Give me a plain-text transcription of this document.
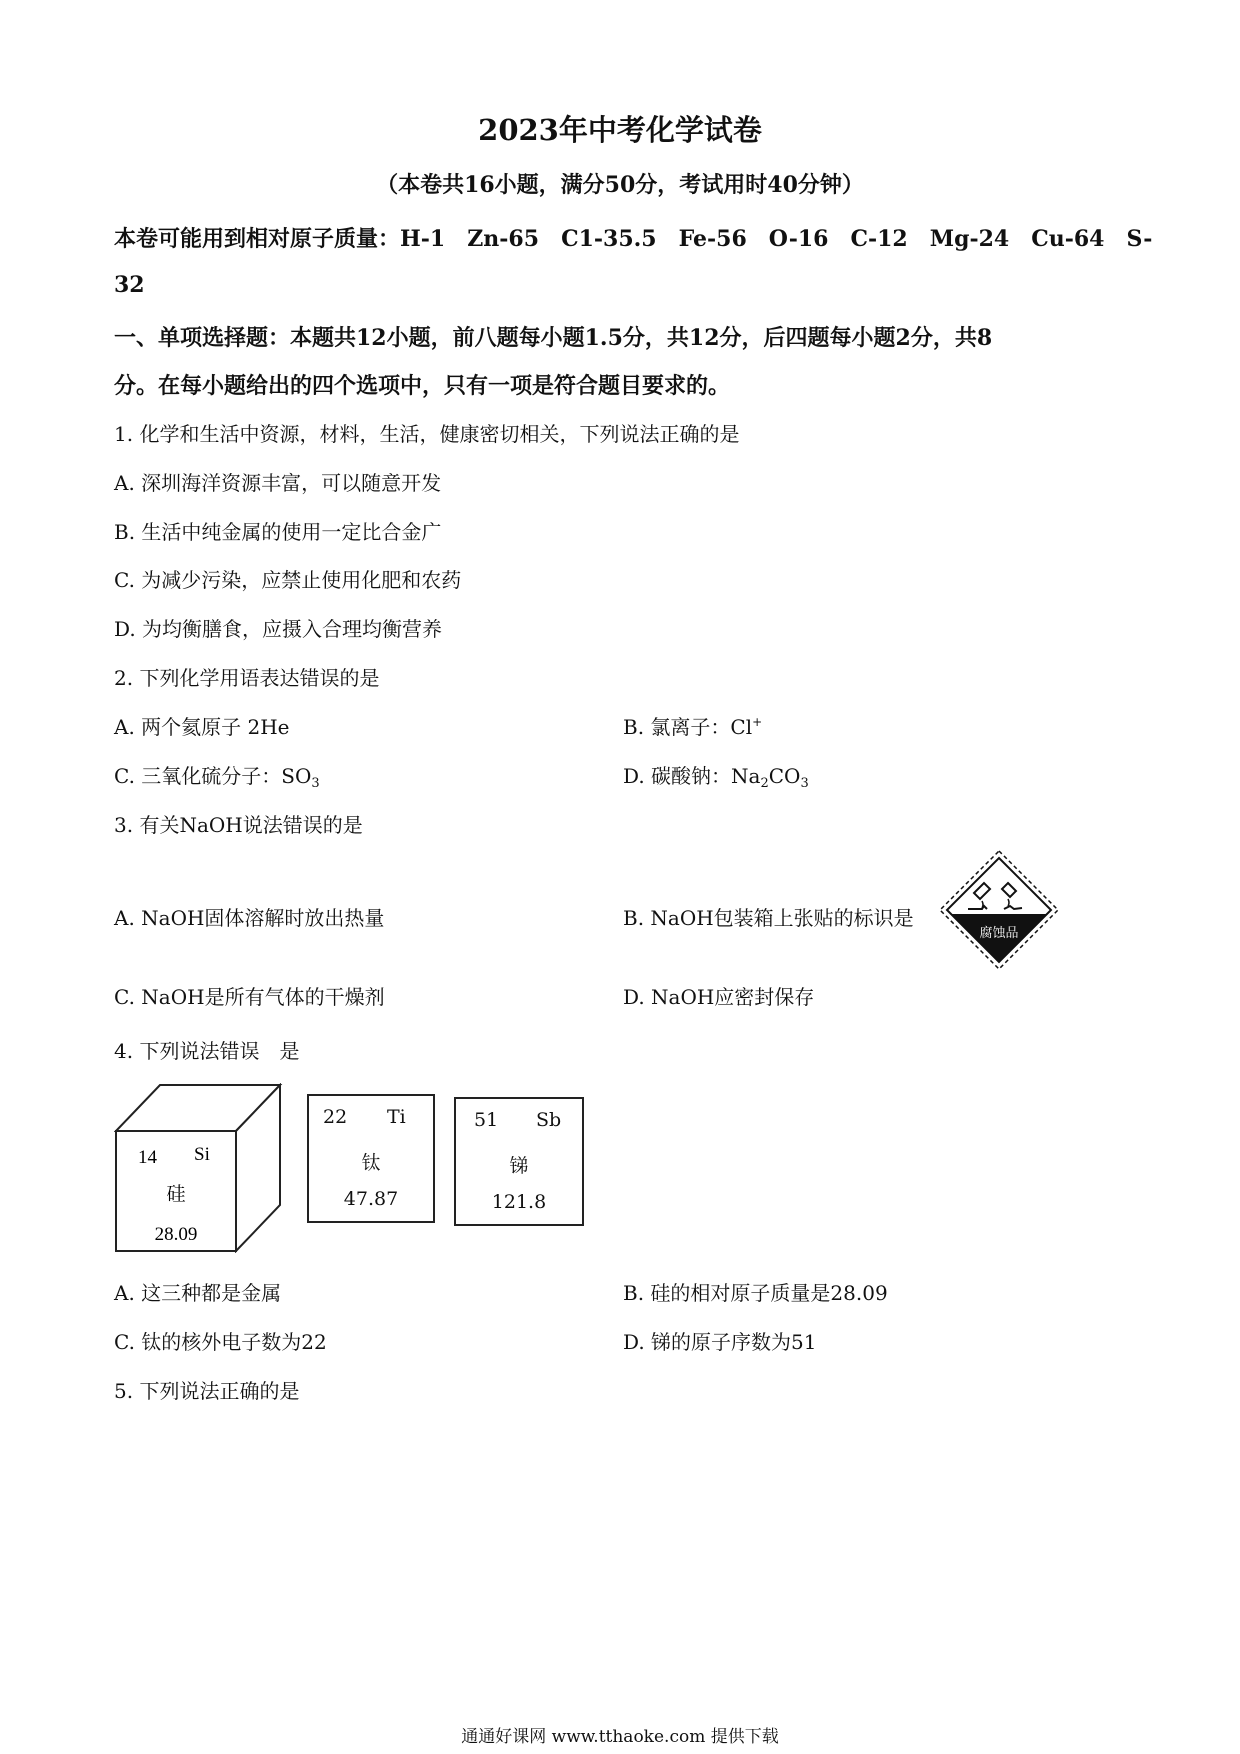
2023年中考化学试卷
（本卷共16小题，满分50分，考试用时40分钟）
本卷可能用到相对原子质量：H-1 Zn-65 C1-35.5 Fe-56 O-16 C-12 Mg-24 Cu-64 S-
32
一、单项选择题：本题共12小题，前八题每小题1.5分，共12分，后四题每小题2分，共8
分。在每小题给出的四个选项中，只有一项是符合题目要求的。
1. 化学和生活中资源，材料，生活，健康密切相关，下列说法正确的是
A. 深圳海洋资源丰富，可以随意开发
B. 生活中纯金属的使用一定比合金广
C. 为减少污染，应禁止使用化肥和农药
D. 为均衡膳食，应摄入合理均衡营养
2. 下列化学用语表达错误的是
A. 两个氦原子 2He	B. 氯离子：Cl+
C. 三氧化硫分子：$SO_3$	D. 碳酸钠：$Na_2CO_3$
3. 有关NaOH说法错误的是
A. NaOH固体溶解时放出热量	B. NaOH包装箱上张贴的标识是
腐蚀品
C. NaOH是所有气体的干燥剂	D. NaOH应密封保存
4. 下列说法错误　是
14 Si
硅
28.09
22 Ti
钛
47.87
51 Sb
锑
121.8
A. 这三种都是金属	B. 硅的相对原子质量是28.09
C. 钛的核外电子数为22	D. 锑的原子序数为51
5. 下列说法正确的是
通通好课网 www.tthaoke.com 提供下载
